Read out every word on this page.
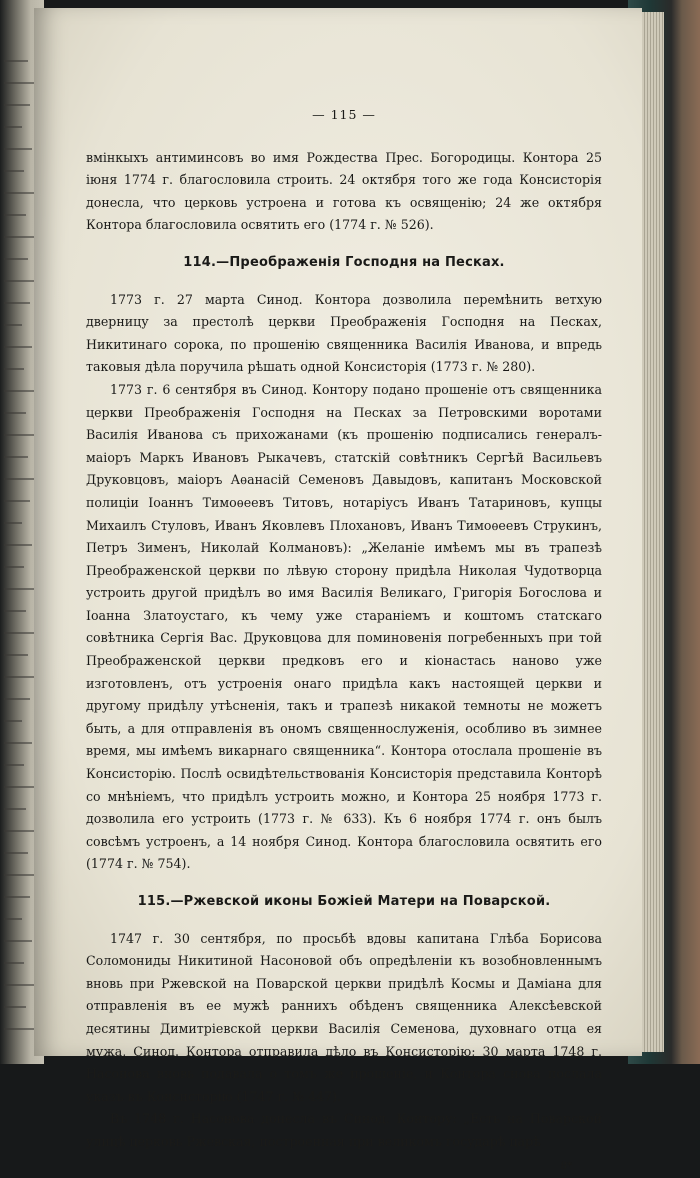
— 115 —

вмінкыхъ антиминсовъ во имя Рождества Прес. Богородицы. Контора 25 іюня 1774 г. благословила строить. 24 октября того же года Консисторія донесла, что церковь устроена и готова къ освященію; 24 же октября Контора благословила освятить его (1774 г. № 526).

114.—Преображенія Господня на Песках.

1773 г. 27 марта Синод. Контора дозволила перемѣнить ветхую дверницу за престолѣ церкви Преображенія Господня на Песках, Никитинаго сорока, по прошенію священника Василія Иванова, и впредь таковыя дѣла поручила рѣшать одной Консисторія (1773 г. № 280).

1773 г. 6 сентября въ Синод. Контору подано прошеніе отъ священника церкви Преображенія Господня на Песках за Петровскими воротами Василія Иванова съ прихожанами (къ прошенію подписались генералъ-маіоръ Маркъ Ивановъ Рыкачевъ, статскій совѣтникъ Сергѣй Васильевъ Друковцовъ, маіоръ Аѳанасій Семеновъ Давыдовъ, капитанъ Московской полиціи Іоаннъ Тимоѳеевъ Титовъ, нотаріусъ Иванъ Татариновъ, купцы Михаилъ Стуловъ, Иванъ Яковлевъ Плохановъ, Иванъ Тимоѳеевъ Струкинъ, Петръ Зименъ, Николай Колмановъ): „Желаніе имѣемъ мы въ трапезѣ Преображенской церкви по лѣвую сторону придѣла Николая Чудотворца устроить другой придѣлъ во имя Василія Великаго, Григорія Богослова и Іоанна Златоустаго, къ чему уже стараніемъ и коштомъ статскаго совѣтника Сергія Вас. Друковцова для поминовенія погребенныхъ при той Преображенской церкви предковъ его и кіонастась наново уже изготовленъ, отъ устроенія онаго придѣла какъ настоящей церкви и другому придѣлу утѣсненія, такъ и трапезѣ никакой темноты не можетъ быть, а для отправленія въ ономъ священнослуженія, особливо въ зимнее время, мы имѣемъ викарнаго священника“. Контора отослала прошеніе въ Консисторію. Послѣ освидѣтельствованія Консисторія представила Конторѣ со мнѣніемъ, что придѣлъ устроить можно, и Контора 25 ноября 1773 г. дозволила его устроить (1773 г. № 633). Къ 6 ноября 1774 г. онъ былъ совсѣмъ устроенъ, а 14 ноября Синод. Контора благословила освятить его (1774 г. № 754).

115.—Ржевской иконы Божіей Матери на Поварской.

1747 г. 30 сентября, по просьбѣ вдовы капитана Глѣба Борисова Соломониды Никитиной Насоновой объ опредѣленіи къ возобновленнымъ вновь при Ржевской на Поварской церкви придѣлѣ Космы и Даміана для отправленія въ ее мужѣ раннихъ обѣденъ священника Алексѣевской десятины Димитріевской церкви Василія Семенова, духовнаго отца ея мужа, Синод. Контора отправила дѣло въ Консисторію; 30 марта 1748 г. Насонова вновь подавала о томъ же прошеніе, и Контора снова послала указъ въ Консисторію (1747 г. № 447).

Въ 1748 г. Насонова донесла въ Синод. Контору: „Есть на Поварской улицѣ церковь Ржевская, построенная при великомъ государѣ царѣ

8*
